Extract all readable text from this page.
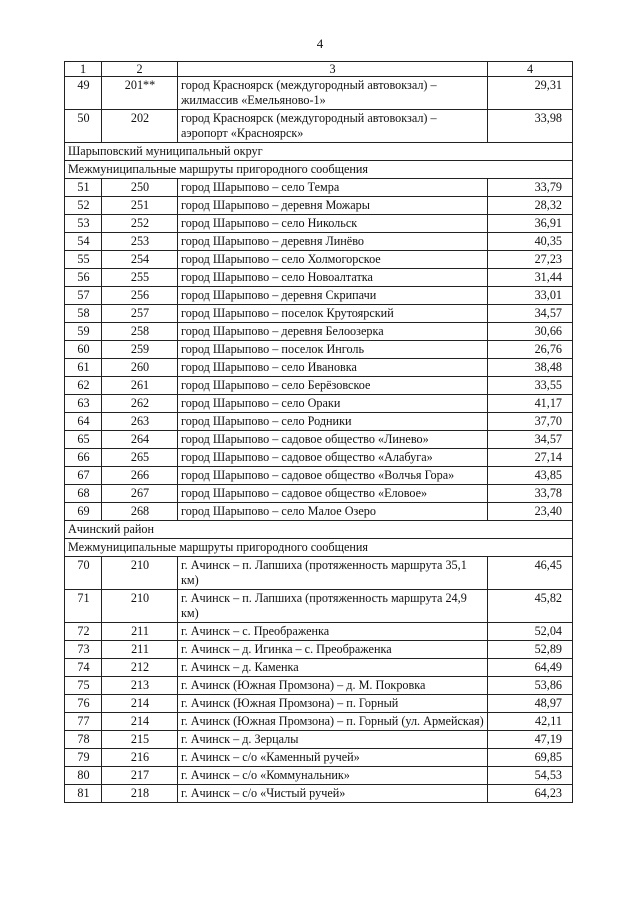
4
1	2	3	4
49	201**	город Красноярск (междугородный автовокзал) – жилмассив «Емельяново-1»	29,31
50	202	город Красноярск (междугородный автовокзал) – аэропорт «Красноярск»	33,98
Шарыповский муниципальный округ			
Межмуниципальные маршруты пригородного сообщения			
51	250	город Шарыпово – село Темра	33,79
52	251	город Шарыпово – деревня Можары	28,32
53	252	город Шарыпово – село Никольск	36,91
54	253	город Шарыпово – деревня Линёво	40,35
55	254	город Шарыпово – село Холмогорское	27,23
56	255	город Шарыпово – село Новоалтатка	31,44
57	256	город Шарыпово – деревня Скрипачи	33,01
58	257	город Шарыпово – поселок Крутоярский	34,57
59	258	город Шарыпово – деревня Белоозерка	30,66
60	259	город Шарыпово – поселок Инголь	26,76
61	260	город Шарыпово – село Ивановка	38,48
62	261	город Шарыпово – село Берёзовское	33,55
63	262	город Шарыпово – село Ораки	41,17
64	263	город Шарыпово – село Родники	37,70
65	264	город Шарыпово – садовое общество «Линево»	34,57
66	265	город Шарыпово – садовое общество «Алабуга»	27,14
67	266	город Шарыпово – садовое общество «Волчья Гора»	43,85
68	267	город Шарыпово – садовое общество «Еловое»	33,78
69	268	город Шарыпово – село Малое Озеро	23,40
Ачинский район			
Межмуниципальные маршруты пригородного сообщения			
70	210	г. Ачинск – п. Лапшиха (протяженность маршрута 35,1 км)	46,45
71	210	г. Ачинск – п. Лапшиха (протяженность маршрута 24,9 км)	45,82
72	211	г. Ачинск – с. Преображенка	52,04
73	211	г. Ачинск – д. Игинка – с. Преображенка	52,89
74	212	г. Ачинск – д. Каменка	64,49
75	213	г. Ачинск (Южная Промзона) – д. М. Покровка	53,86
76	214	г. Ачинск (Южная Промзона) – п. Горный	48,97
77	214	г. Ачинск (Южная Промзона) – п. Горный (ул. Армейская)	42,11
78	215	г. Ачинск – д. Зерцалы	47,19
79	216	г. Ачинск – с/о «Каменный ручей»	69,85
80	217	г. Ачинск – с/о «Коммунальник»	54,53
81	218	г. Ачинск – с/о «Чистый ручей»	64,23
